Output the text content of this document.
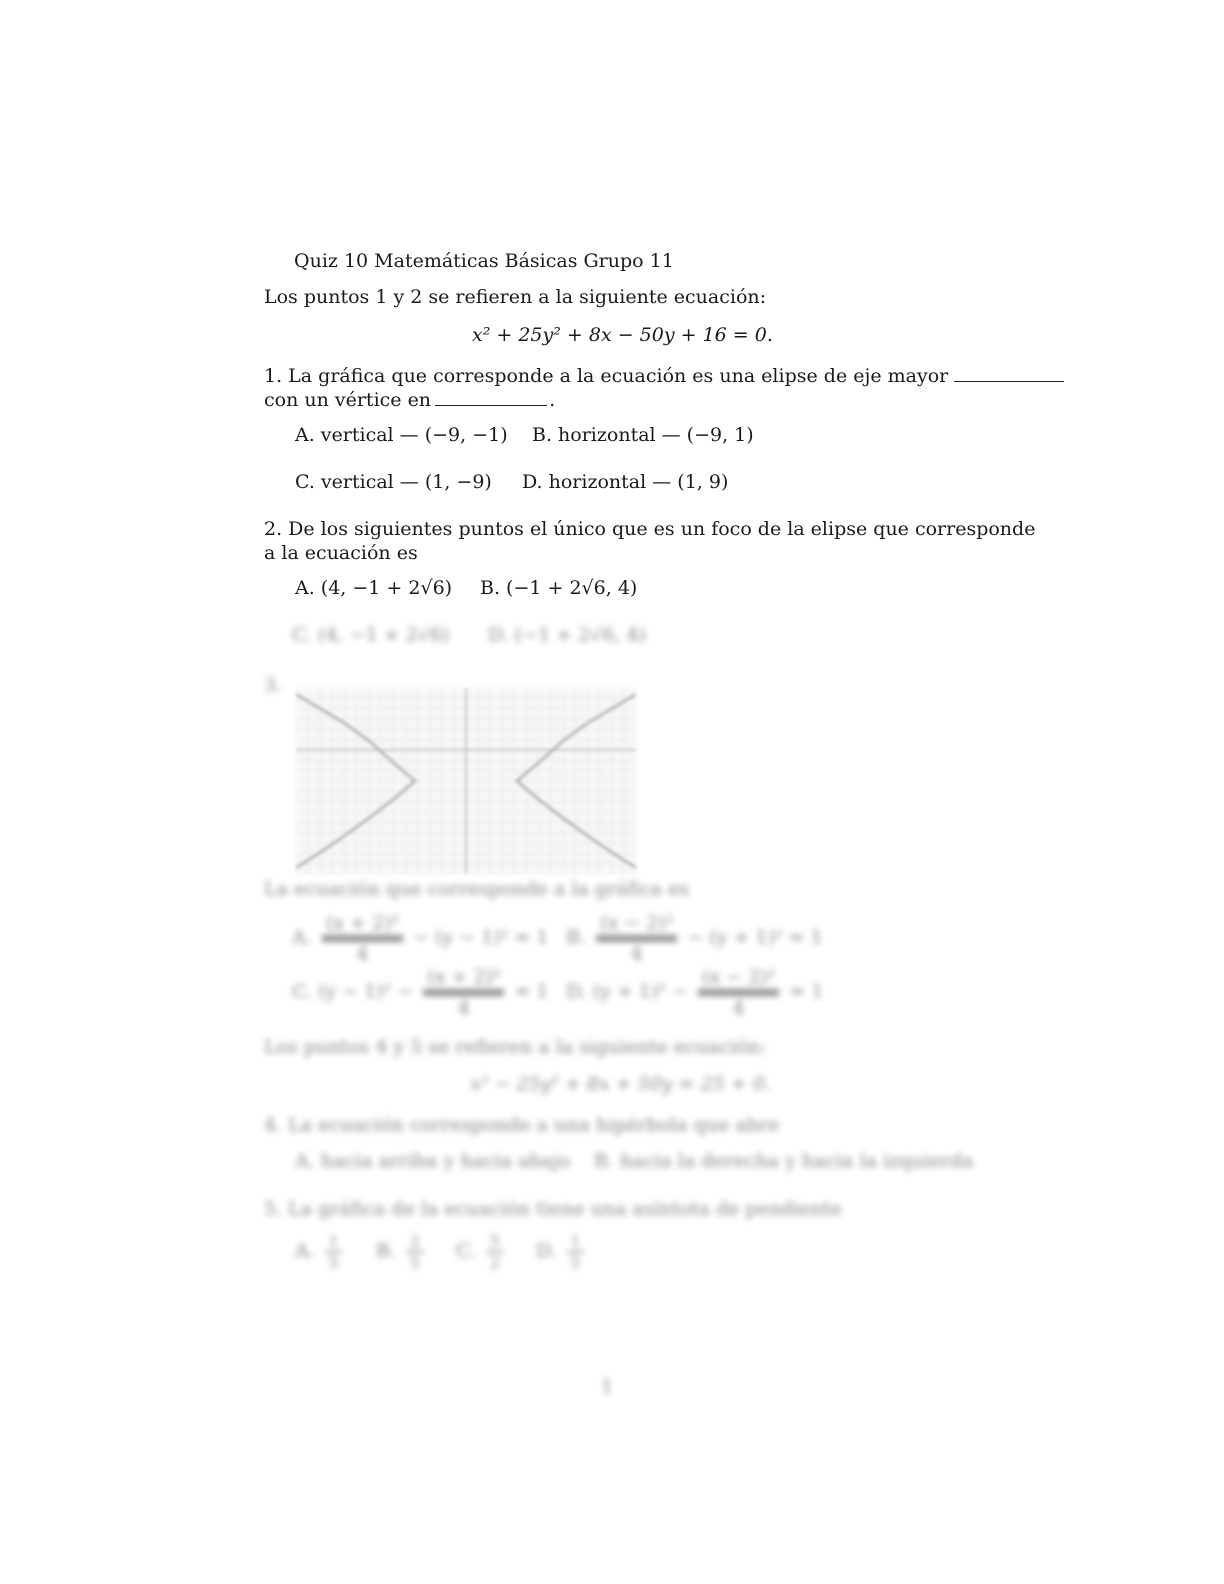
Quiz 10 Matemáticas Básicas Grupo 11
Los puntos 1 y 2 se refieren a la siguiente ecuación:
x² + 25y² + 8x − 50y + 16 = 0.
1. La gráfica que corresponde a la ecuación es una elipse de eje mayor
con un vértice en	.
A. vertical — (−9, −1) B. horizontal — (−9, 1)
C. vertical — (1, −9) D. horizontal — (1, 9)
2. De los siguientes puntos el único que es un foco de la elipse que corresponde
a la ecuación es
A. (4, −1 + 2√6) B. (−1 + 2√6, 4)
C. (4, −1 + 2√6) D. (−1 + 2√6, 4)
3.
La ecuación que corresponde a la gráfica es
A.
(x + 2)²
4
− (y − 1)² = 1 B.
(x − 2)²
4
− (y + 1)² = 1
C. (y − 1)² −
(x + 2)²
4
= 1 D. (y + 1)² −
(x − 2)²
4
= 1
Los puntos 4 y 5 se refieren a la siguiente ecuación:
x² − 25y² + 8x + 50y = 25 + 0.
4. La ecuación corresponde a una hipérbola que abre
A. hacia arriba y hacia abajo B. hacia la derecha y hacia la izquierda
5. La gráfica de la ecuación tiene una asíntota de pendiente
A. $\frac{1}{5} B$. $\frac{2}{5} C$. $\frac{5}{2} D$. $\frac{1}{5}$
1
